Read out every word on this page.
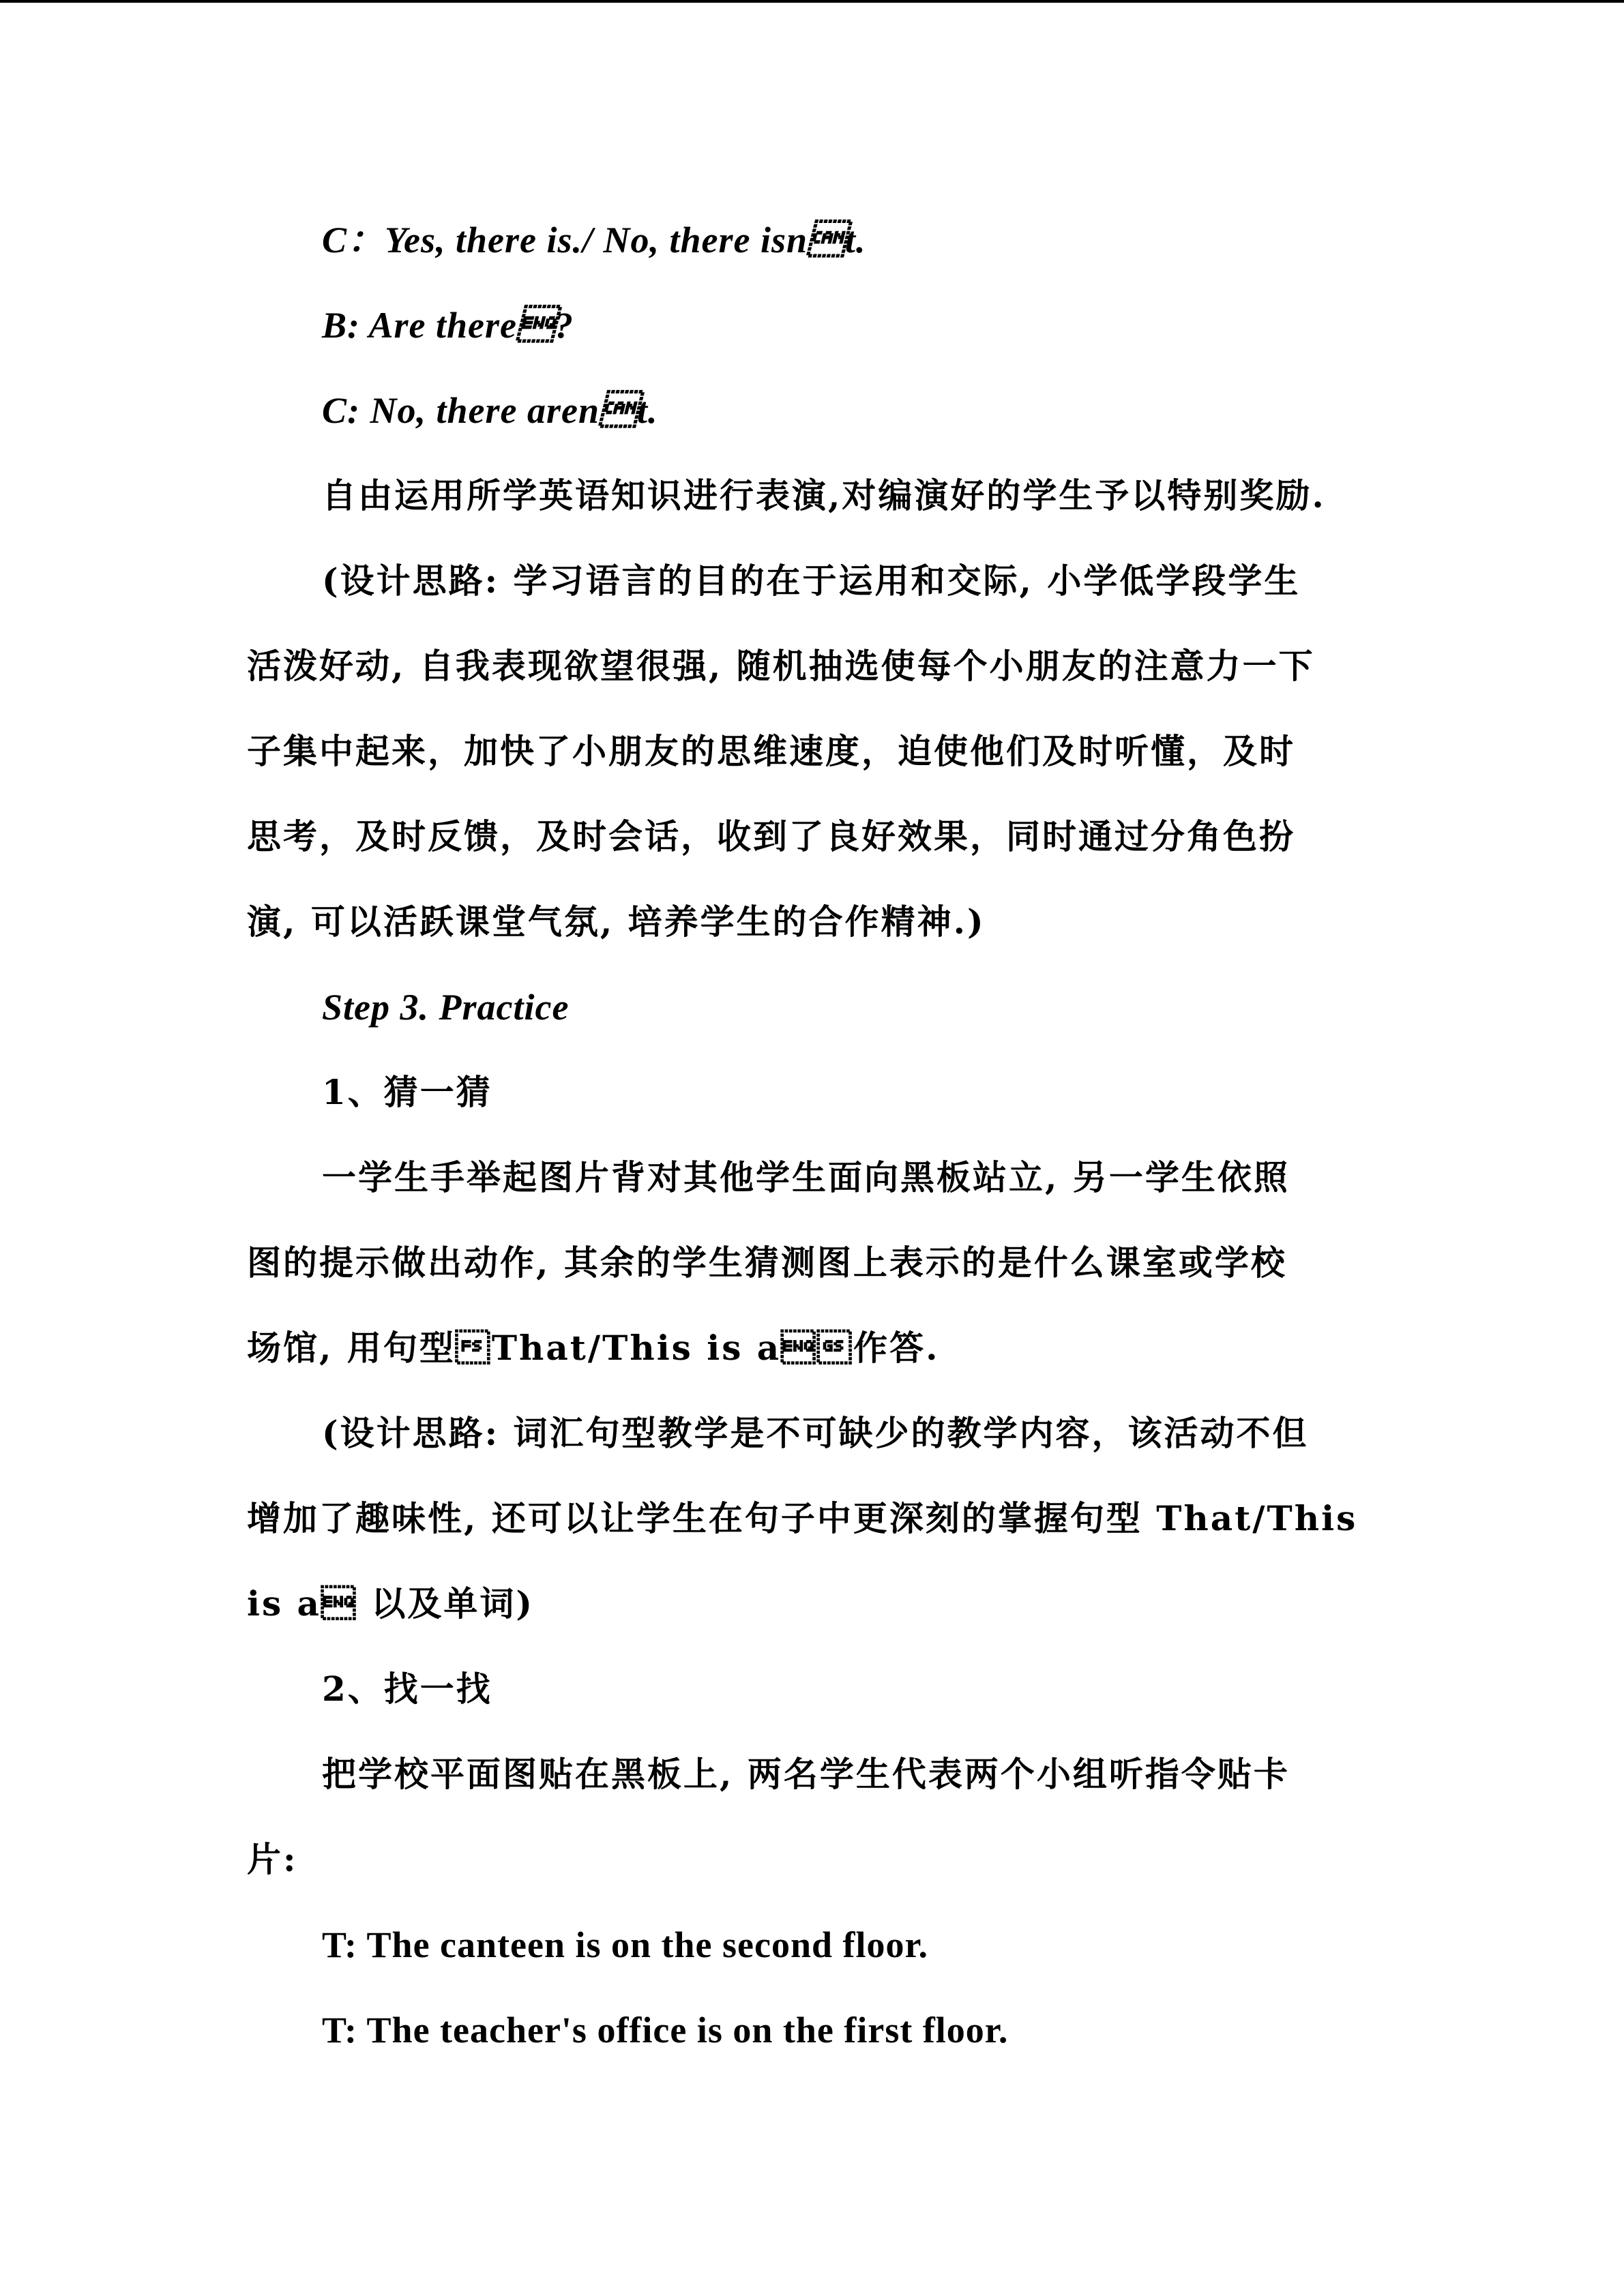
C：Yes, there is./ No, there isnt.
B: Are there?
C: No, there arent.
自由运用所学英语知识进行表演,对编演好的学生予以特别奖励.
(设计思路: 学习语言的目的在于运用和交际, 小学低学段学生
活泼好动, 自我表现欲望很强, 随机抽选使每个小朋友的注意力一下
子集中起来，加快了小朋友的思维速度，迫使他们及时听懂，及时
思考，及时反馈，及时会话，收到了良好效果，同时通过分角色扮
演, 可以活跃课堂气氛, 培养学生的合作精神.)
Step 3. Practice
1、猜一猜
一学生手举起图片背对其他学生面向黑板站立, 另一学生依照
图的提示做出动作, 其余的学生猜测图上表示的是什么课室或学校
场馆, 用句型That/This is a作答.
(设计思路: 词汇句型教学是不可缺少的教学内容，该活动不但
增加了趣味性, 还可以让学生在句子中更深刻的掌握句型 That/This
is a 以及单词)
2、找一找
把学校平面图贴在黑板上, 两名学生代表两个小组听指令贴卡
片:
T: The canteen is on the second floor.
T: The teacher's office is on the first floor.
